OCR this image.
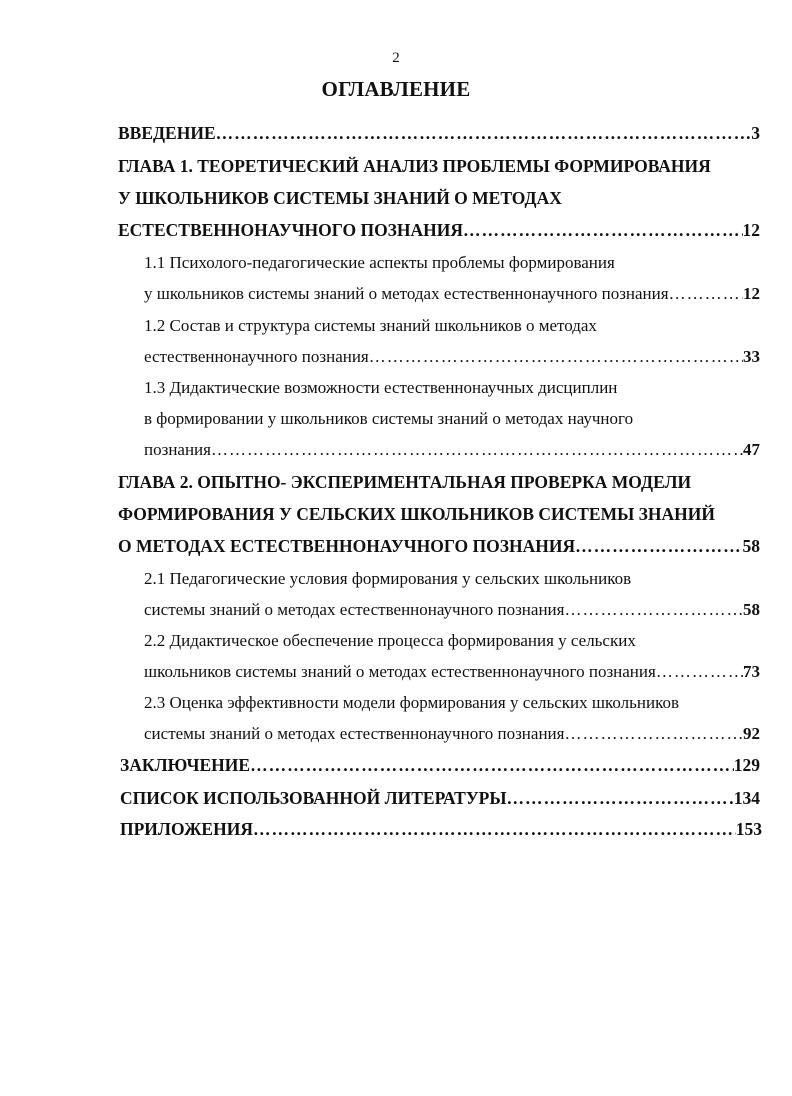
2
ОГЛАВЛЕНИЕ
ВВЕДЕНИЕ ………………………………………………………………………………………………………………………………………………………………………………………………………	3
ГЛАВА 1. ТЕОРЕТИЧЕСКИЙ АНАЛИЗ ПРОБЛЕМЫ ФОРМИРОВАНИЯ
У ШКОЛЬНИКОВ СИСТЕМЫ ЗНАНИЙ О МЕТОДАХ
ЕСТЕСТВЕННОНАУЧНОГО ПОЗНАНИЯ ………………………………………………………………………………………………………………………………………………………………………………………………………	12
1.1 Психолого-педагогические аспекты проблемы формирования
у школьников системы знаний о методах естественнонаучного познания ………………………………………………………………………………………………………………………………………………………………………………………………………	12
1.2 Состав и структура системы знаний школьников о методах
естественнонаучного познания ………………………………………………………………………………………………………………………………………………………………………………………………………	33
1.3 Дидактические возможности естественнонаучных дисциплин
в формировании у школьников системы знаний о методах научного
познания ………………………………………………………………………………………………………………………………………………………………………………………………………	47
ГЛАВА 2. ОПЫТНО- ЭКСПЕРИМЕНТАЛЬНАЯ ПРОВЕРКА МОДЕЛИ
ФОРМИРОВАНИЯ У СЕЛЬСКИХ ШКОЛЬНИКОВ СИСТЕМЫ ЗНАНИЙ
О МЕТОДАХ ЕСТЕСТВЕННОНАУЧНОГО ПОЗНАНИЯ ………………………………………………………………………………………………………………………………………………………………………………………………………	58
2.1 Педагогические условия формирования у сельских школьников
системы знаний о методах естественнонаучного познания ………………………………………………………………………………………………………………………………………………………………………………………………………	58
2.2 Дидактическое обеспечение процесса формирования у сельских
школьников системы знаний о методах естественнонаучного познания ………………………………………………………………………………………………………………………………………………………………………………………………………	73
2.3 Оценка эффективности модели формирования у сельских школьников
системы знаний о методах естественнонаучного познания ………………………………………………………………………………………………………………………………………………………………………………………………………	92
ЗАКЛЮЧЕНИЕ ………………………………………………………………………………………………………………………………………………………………………………………………………	129
СПИСОК ИСПОЛЬЗОВАННОЙ ЛИТЕРАТУРЫ ………………………………………………………………………………………………………………………………………………………………………………………………………	134
ПРИЛОЖЕНИЯ ………………………………………………………………………………………………………………………………………………………………………………………………………	153
